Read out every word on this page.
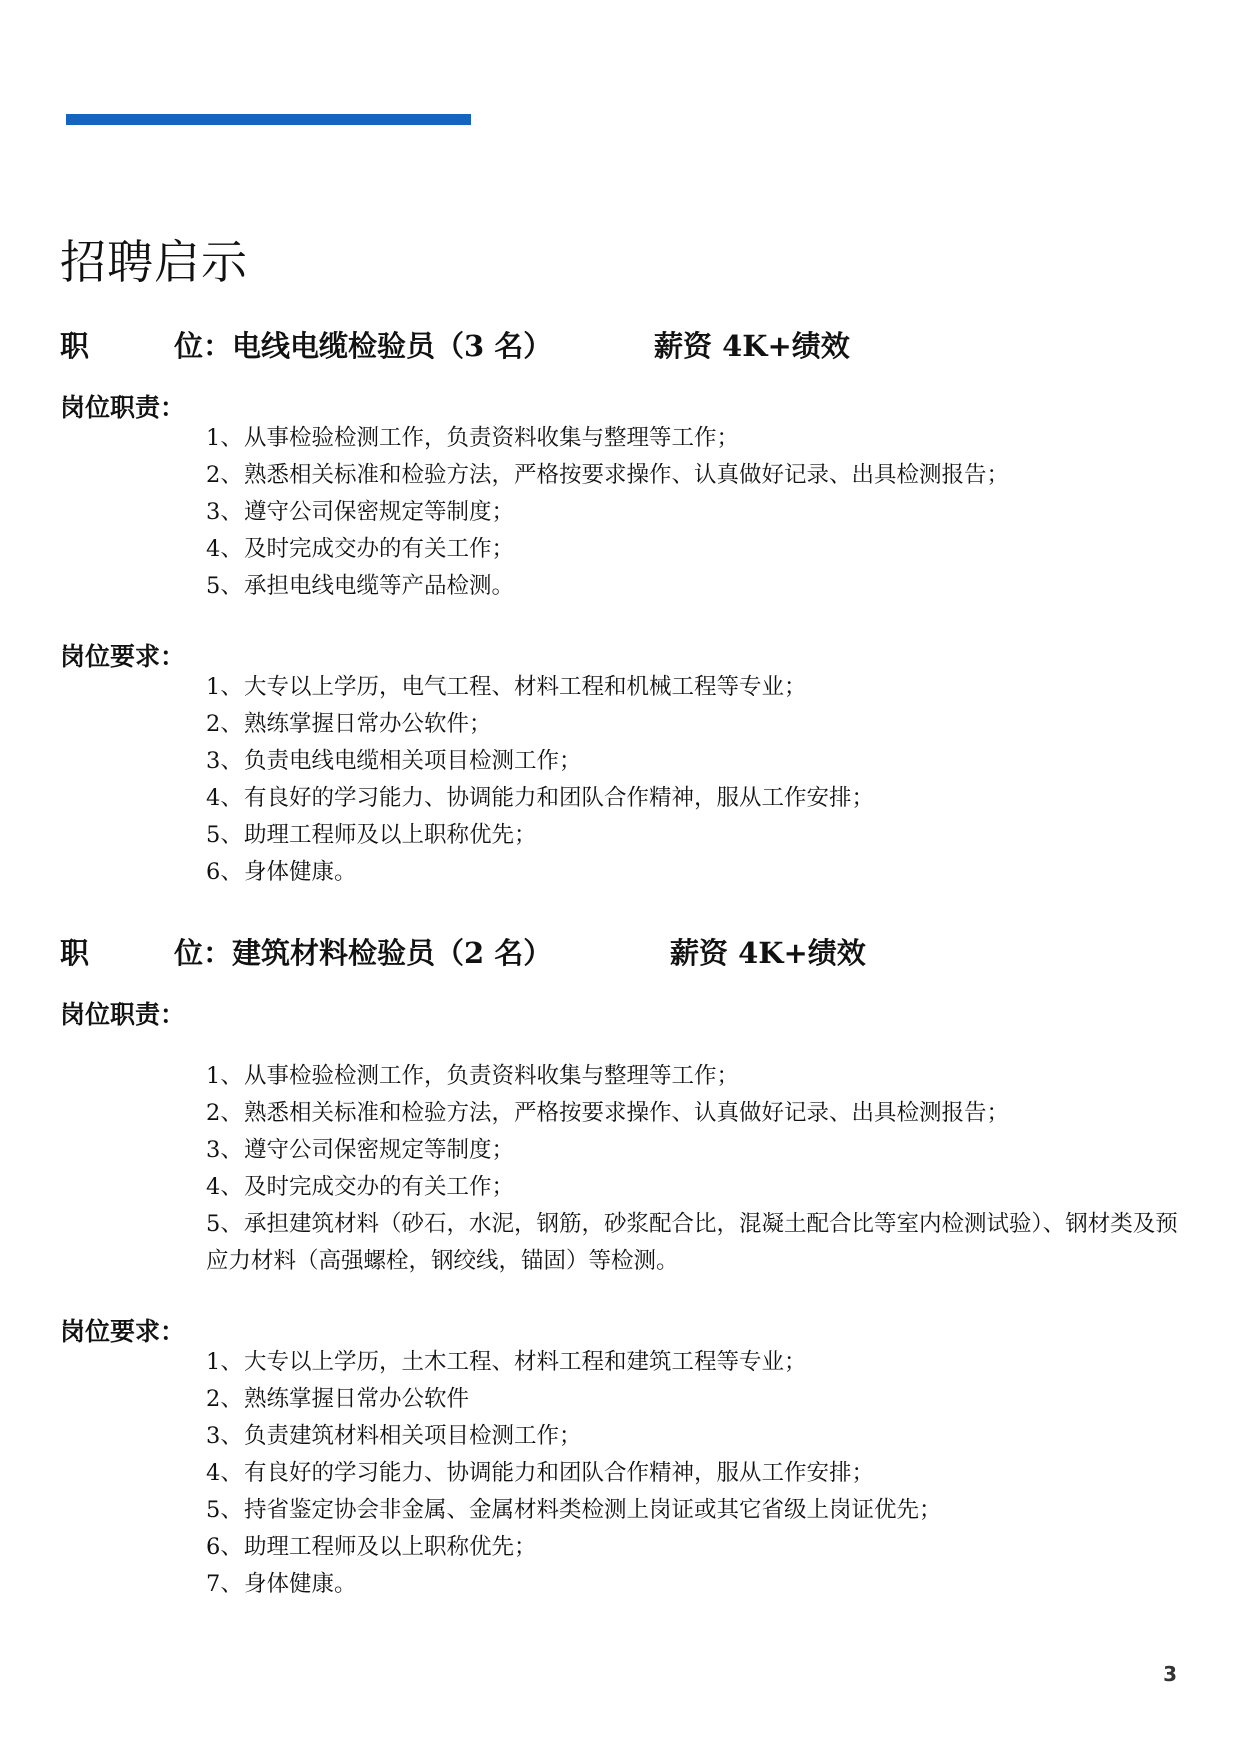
招聘启示
职	位： 电线电缆检验员（3 名）	薪资 4K+绩效
岗位职责：
1、从事检验检测工作，负责资料收集与整理等工作；
2、熟悉相关标准和检验方法，严格按要求操作、认真做好记录、出具检测报告；
3、遵守公司保密规定等制度；
4、及时完成交办的有关工作；
5、承担电线电缆等产品检测。
岗位要求：
1、大专以上学历，电气工程、材料工程和机械工程等专业；
2、熟练掌握日常办公软件；
3、负责电线电缆相关项目检测工作；
4、有良好的学习能力、协调能力和团队合作精神，服从工作安排；
5、助理工程师及以上职称优先；
6、身体健康。
职	位： 建筑材料检验员（2 名）	薪资 4K+绩效
岗位职责：
1、从事检验检测工作，负责资料收集与整理等工作；
2、熟悉相关标准和检验方法，严格按要求操作、认真做好记录、出具检测报告；
3、遵守公司保密规定等制度；
4、及时完成交办的有关工作；
5、承担建筑材料（砂石，水泥，钢筋，砂浆配合比，混凝土配合比等室内检测试验）、钢材类及预应力材料（高强螺栓，钢绞线，锚固）等检测。
岗位要求：
1、大专以上学历，土木工程、材料工程和建筑工程等专业；
2、熟练掌握日常办公软件
3、负责建筑材料相关项目检测工作；
4、有良好的学习能力、协调能力和团队合作精神，服从工作安排；
5、持省鉴定协会非金属、金属材料类检测上岗证或其它省级上岗证优先；
6、助理工程师及以上职称优先；
7、身体健康。
3
